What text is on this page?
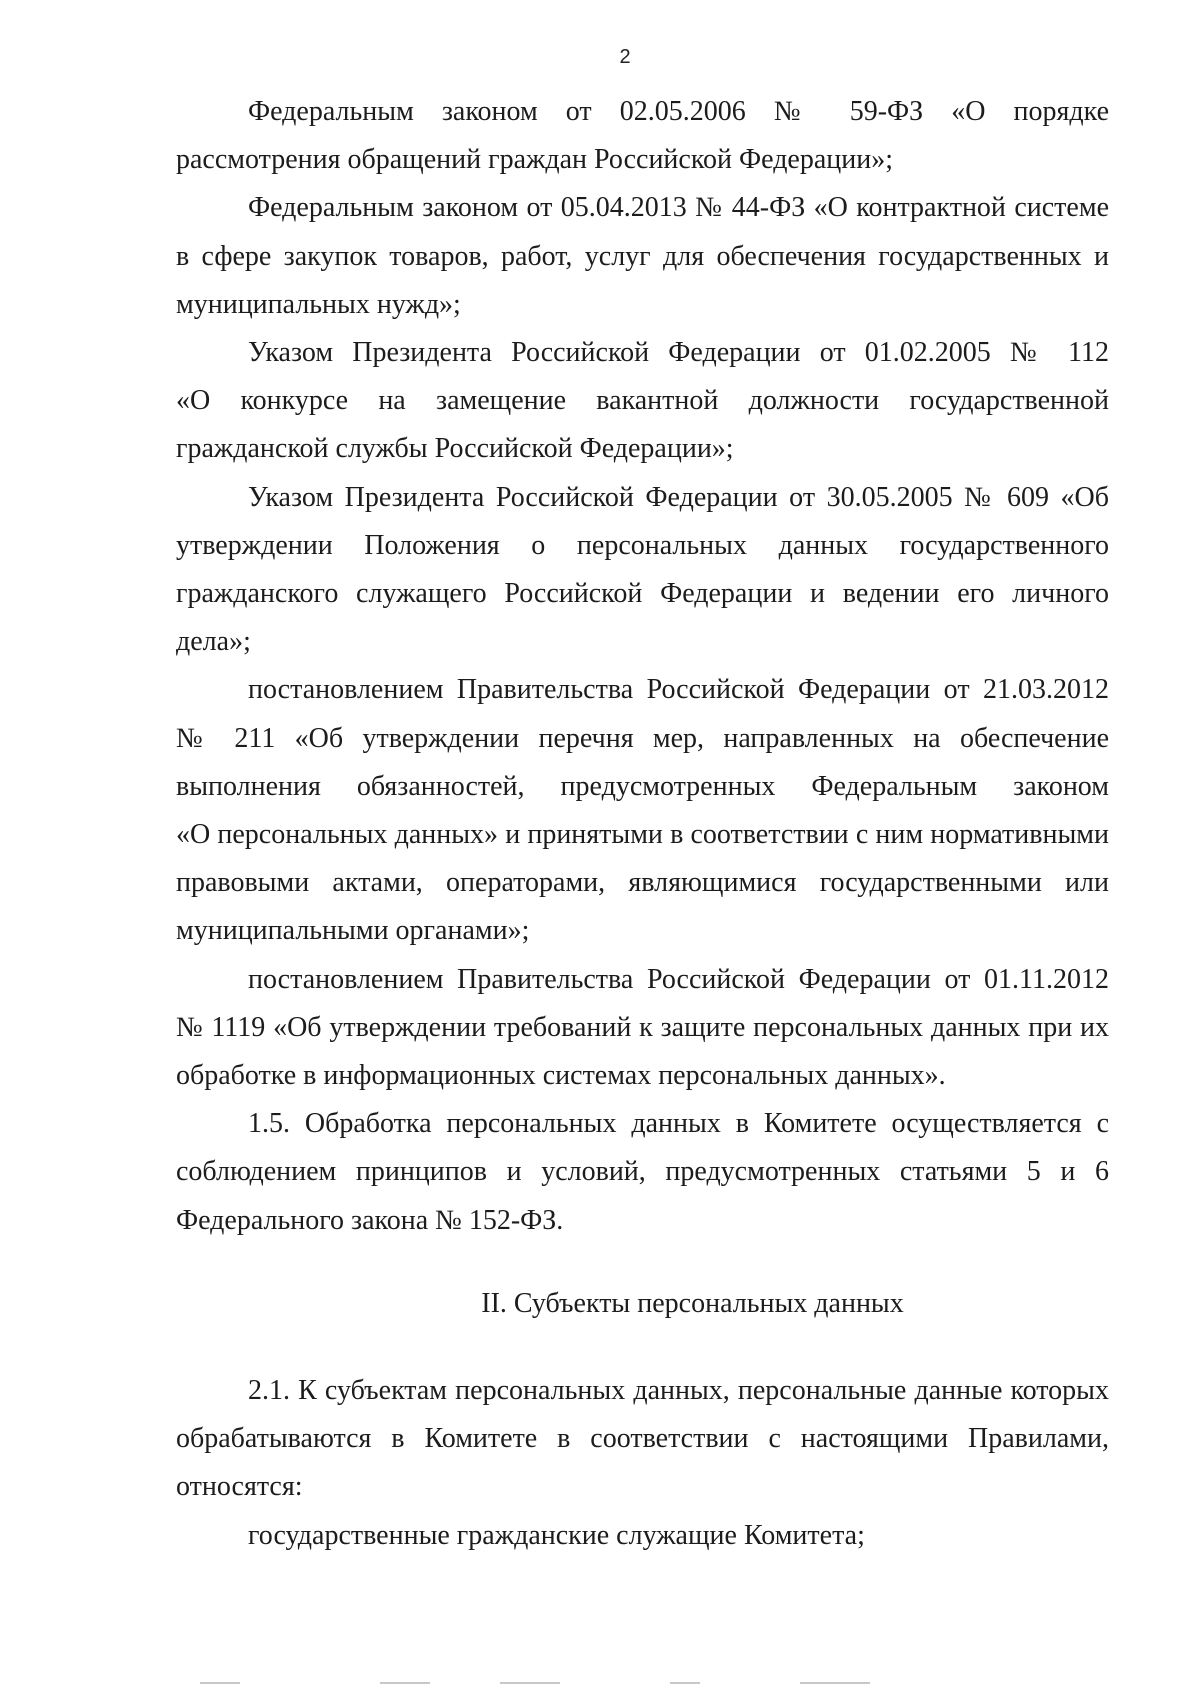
2
Федеральным законом от 02.05.2006 № 59-ФЗ «О порядке
рассмотрения обращений граждан Российской Федерации»;
Федеральным законом от 05.04.2013 № 44-ФЗ «О контрактной системе
в сфере закупок товаров, работ, услуг для обеспечения государственных и
муниципальных нужд»;
Указом Президента Российской Федерации от 01.02.2005 № 112
«О конкурсе на замещение вакантной должности государственной
гражданской службы Российской Федерации»;
Указом Президента Российской Федерации от 30.05.2005 № 609 «Об
утверждении Положения о персональных данных государственного
гражданского служащего Российской Федерации и ведении его личного
дела»;
постановлением Правительства Российской Федерации от 21.03.2012
№ 211 «Об утверждении перечня мер, направленных на обеспечение
выполнения обязанностей, предусмотренных Федеральным законом
«О персональных данных» и принятыми в соответствии с ним нормативными
правовыми актами, операторами, являющимися государственными или
муниципальными органами»;
постановлением Правительства Российской Федерации от 01.11.2012
№ 1119 «Об утверждении требований к защите персональных данных при их
обработке в информационных системах персональных данных».
1.5. Обработка персональных данных в Комитете осуществляется с
соблюдением принципов и условий, предусмотренных статьями 5 и 6
Федерального закона № 152-ФЗ.
II. Субъекты персональных данных
2.1. К субъектам персональных данных, персональные данные которых
обрабатываются в Комитете в соответствии с настоящими Правилами,
относятся:
государственные гражданские служащие Комитета;
